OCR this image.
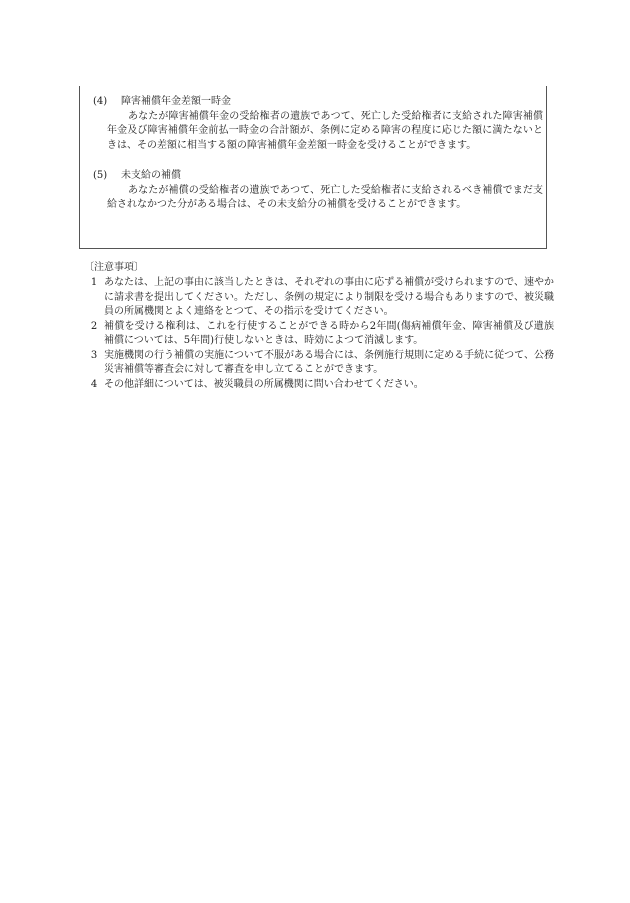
(4)	障害補償年金差額一時金
あなたが障害補償年金の受給権者の遺族であつて、死亡した受給権者に支給された障害補償年金及び障害補償年金前払一時金の合計額が、条例に定める障害の程度に応じた額に満たないときは、その差額に相当する額の障害補償年金差額一時金を受けることができます。
(5)	未支給の補償
あなたが補償の受給権者の遺族であつて、死亡した受給権者に支給されるべき補償でまだ支給されなかつた分がある場合は、その未支給分の補償を受けることができます。
〔注意事項〕
1 あなたは、上記の事由に該当したときは、それぞれの事由に応ずる補償が受けられますので、速やかに請求書を提出してください。ただし、条例の規定により制限を受ける場合もありますので、被災職員の所属機関とよく連絡をとつて、その指示を受けてください。
2 補償を受ける権利は、これを行使することができる時から2年間(傷病補償年金、障害補償及び遺族補償については、5年間)行使しないときは、時効によつて消滅します。
3 実施機関の行う補償の実施について不服がある場合には、条例施行規則に定める手続に従つて、公務災害補償等審査会に対して審査を申し立てることができます。
4 その他詳細については、被災職員の所属機関に問い合わせてください。
